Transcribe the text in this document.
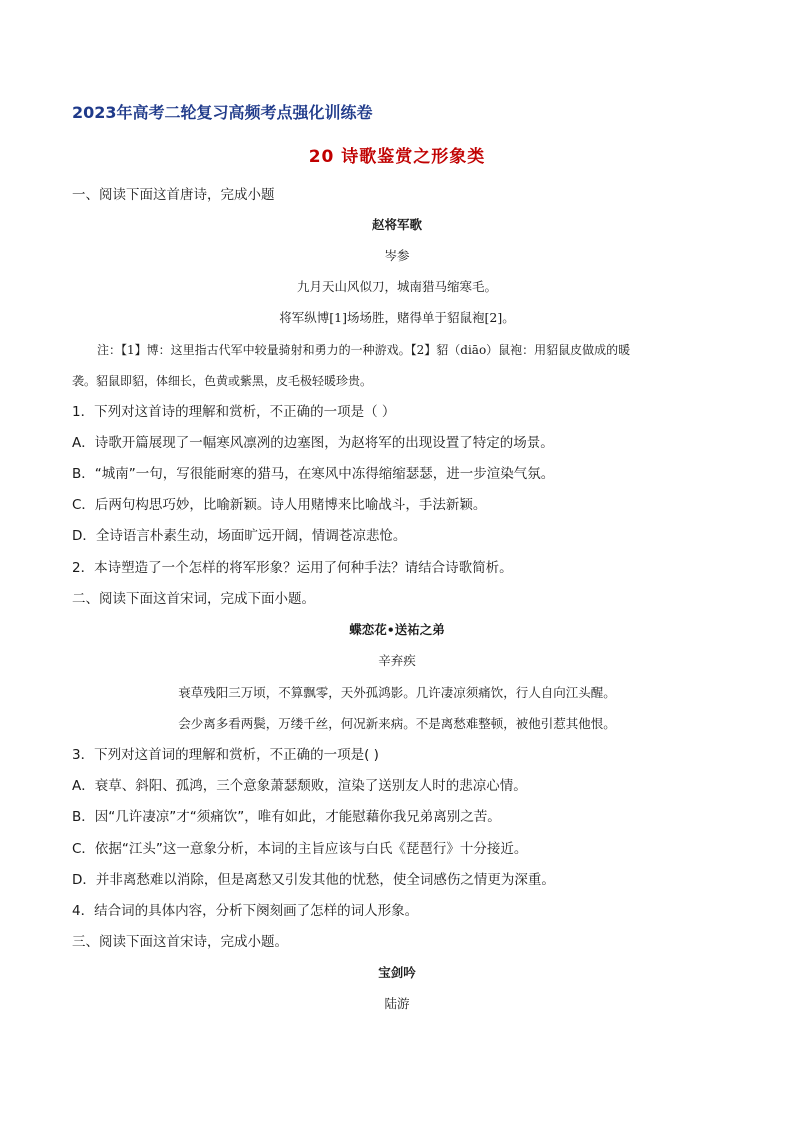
2023年高考二轮复习高频考点强化训练卷
20 诗歌鉴赏之形象类
一、阅读下面这首唐诗，完成小题
赵将军歌
岑参
九月天山风似刀，城南猎马缩寒毛。
将军纵博[1]场场胜，赌得单于貂鼠袍[2]。
注：【1】博：这里指古代军中较量骑射和勇力的一种游戏。【2】貂（diāo）鼠袍：用貂鼠皮做成的暖
袭。貂鼠即貂，体细长，色黄或紫黑，皮毛极轻暖珍贵。
1．下列对这首诗的理解和赏析，不正确的一项是（ ）
A．诗歌开篇展现了一幅寒风凛冽的边塞图，为赵将军的出现设置了特定的场景。
B．“城南”一句，写很能耐寒的猎马，在寒风中冻得缩缩瑟瑟，进一步渲染气氛。
C．后两句构思巧妙，比喻新颖。诗人用赌博来比喻战斗，手法新颖。
D．全诗语言朴素生动，场面旷远开阔，情调苍凉悲怆。
2．本诗塑造了一个怎样的将军形象？运用了何种手法？请结合诗歌简析。
二、阅读下面这首宋词，完成下面小题。
蝶恋花•送祐之弟
辛弃疾
衰草残阳三万顷，不算飘零，天外孤鸿影。几许凄凉须痛饮，行人自向江头醒。
会少离多看两鬓，万缕千丝，何况新来病。不是离愁难整顿，被他引惹其他恨。
3．下列对这首词的理解和赏析，不正确的一项是( )
A．衰草、斜阳、孤鸿，三个意象萧瑟颓败，渲染了送别友人时的悲凉心情。
B．因“几许凄凉”才“须痛饮”，唯有如此，才能慰藉你我兄弟离别之苦。
C．依据“江头”这一意象分析，本词的主旨应该与白氏《琵琶行》十分接近。
D．并非离愁难以消除，但是离愁又引发其他的忧愁，使全词感伤之情更为深重。
4．结合词的具体内容，分析下阕刻画了怎样的词人形象。
三、阅读下面这首宋诗，完成小题。
宝剑吟
陆游
